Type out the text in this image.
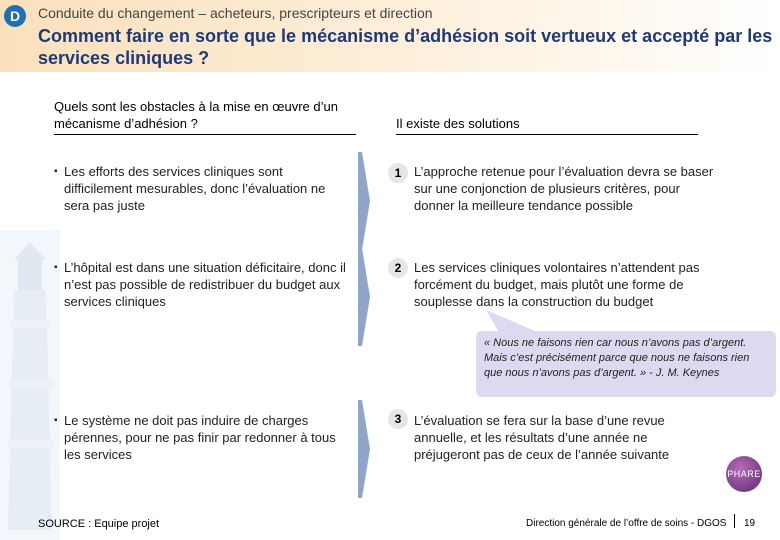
D	Conduite du changement – acheteurs, prescripteurs et direction
Comment faire en sorte que le mécanisme d’adhésion soit vertueux et accepté par les services cliniques ?
Quels sont les obstacles à la mise en œuvre d’un mécanisme d’adhésion ?	Il existe des solutions
▪ Les efforts des services cliniques sont difficilement mesurables, donc l’évaluation ne sera pas juste
1 L’approche retenue pour l’évaluation devra se baser sur une conjonction de plusieurs critères, pour donner la meilleure tendance possible
▪ L’hôpital est dans une situation déficitaire, donc il n’est pas possible de redistribuer du budget aux services cliniques
2 Les services cliniques volontaires n’attendent pas forcément du budget, mais plutôt une forme de souplesse dans la construction du budget
« Nous ne faisons rien car nous n’avons pas d’argent. Mais c’est précisément parce que nous ne faisons rien que nous n’avons pas d’argent. » - J. M. Keynes
▪ Le système ne doit pas induire de charges pérennes, pour ne pas finir par redonner à tous les services
3 L’évaluation se fera sur la base d’une revue annuelle, et les résultats d’une année ne préjugeront pas de ceux de l’année suivante
PHARE
SOURCE : Equipe projet	Direction générale de l’offre de soins - DGOS 19
